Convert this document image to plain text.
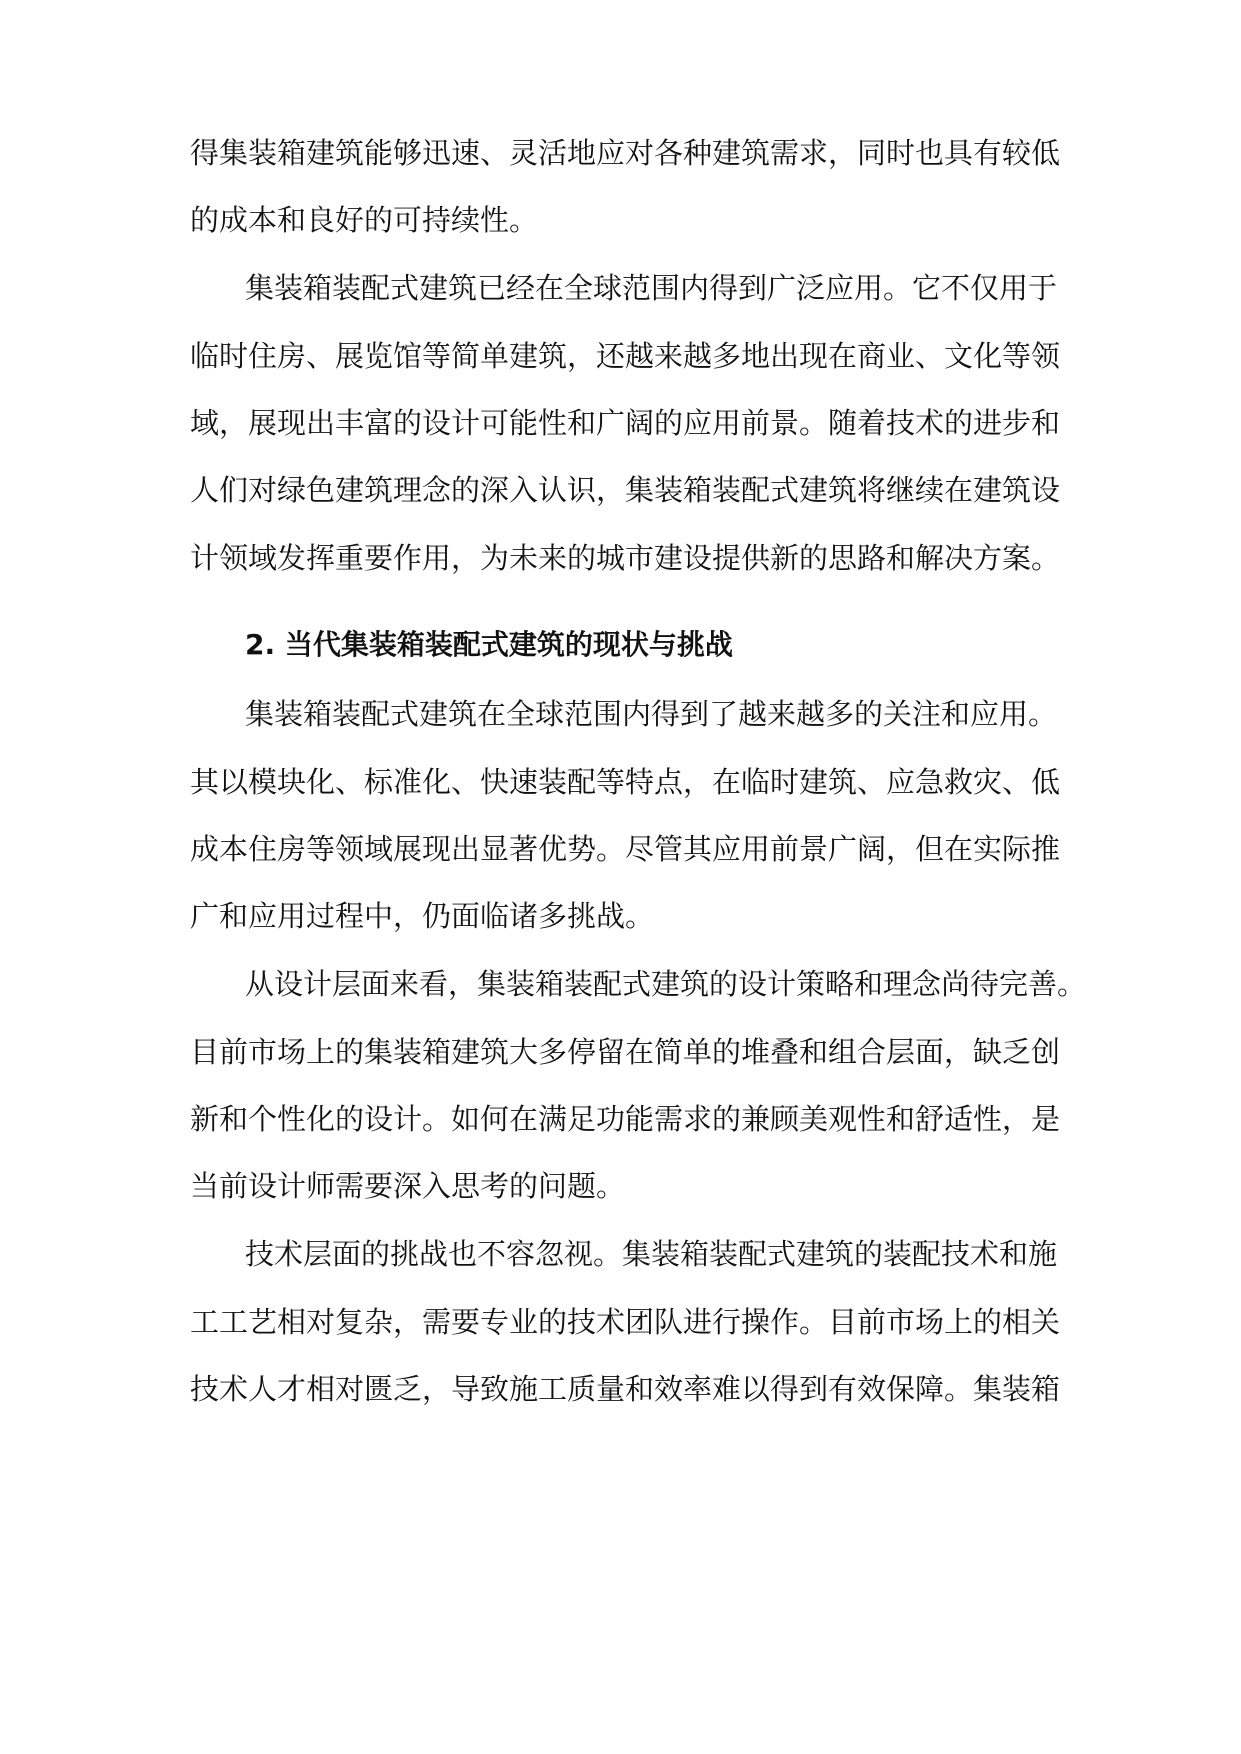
得集装箱建筑能够迅速、灵活地应对各种建筑需求，同时也具有较低
的成本和良好的可持续性。
集装箱装配式建筑已经在全球范围内得到广泛应用。它不仅用于
临时住房、展览馆等简单建筑，还越来越多地出现在商业、文化等领
域，展现出丰富的设计可能性和广阔的应用前景。随着技术的进步和
人们对绿色建筑理念的深入认识，集装箱装配式建筑将继续在建筑设
计领域发挥重要作用，为未来的城市建设提供新的思路和解决方案。
2. 当代集装箱装配式建筑的现状与挑战
集装箱装配式建筑在全球范围内得到了越来越多的关注和应用。
其以模块化、标准化、快速装配等特点，在临时建筑、应急救灾、低
成本住房等领域展现出显著优势。尽管其应用前景广阔，但在实际推
广和应用过程中，仍面临诸多挑战。
从设计层面来看，集装箱装配式建筑的设计策略和理念尚待完善。
目前市场上的集装箱建筑大多停留在简单的堆叠和组合层面，缺乏创
新和个性化的设计。如何在满足功能需求的兼顾美观性和舒适性，是
当前设计师需要深入思考的问题。
技术层面的挑战也不容忽视。集装箱装配式建筑的装配技术和施
工工艺相对复杂，需要专业的技术团队进行操作。目前市场上的相关
技术人才相对匮乏，导致施工质量和效率难以得到有效保障。集装箱
